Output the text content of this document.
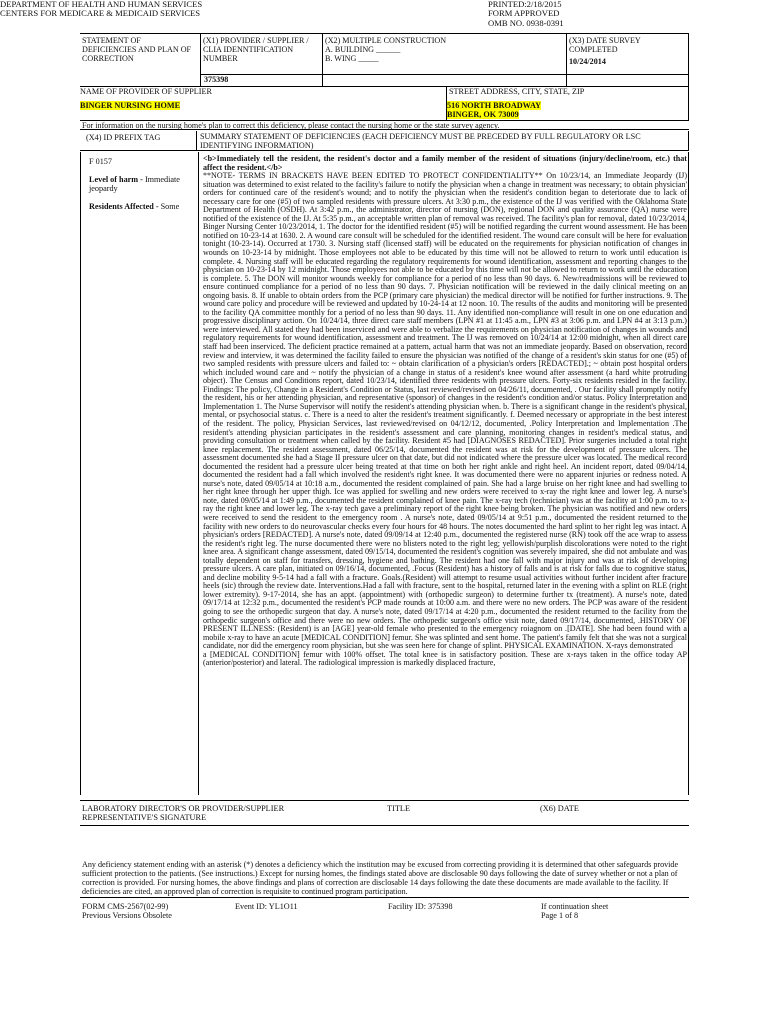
DEPARTMENT OF HEALTH AND HUMAN SERVICES
CENTERS FOR MEDICARE & MEDICAID SERVICES
PRINTED:2/18/2015
FORM APPROVED
OMB NO. 0938-0391
STATEMENT OF DEFICIENCIES AND PLAN OF CORRECTION
(X1) PROVIDER / SUPPLIER / CLIA IDENNTIFICATION NUMBER
375398
(X2) MULTIPLE CONSTRUCTION
A. BUILDING ______
B. WING _____
(X3) DATE SURVEY COMPLETED
10/24/2014
NAME OF PROVIDER OF SUPPLIER
BINGER NURSING HOME
STREET ADDRESS, CITY, STATE, ZIP
516 NORTH BROADWAY
BINGER, OK 73009
For information on the nursing home's plan to correct this deficiency, please contact the nursing home or the state survey agency.
(X4) ID PREFIX TAG	SUMMARY STATEMENT OF DEFICIENCIES (EACH DEFICIENCY MUST BE PRECEDED BY FULL REGULATORY OR LSC IDENTIFYING INFORMATION)
F 0157
Level of harm - Immediate jeopardy
Residents Affected - Some

<b>Immediately tell the resident, the resident's doctor and a family member of the resident of situations (injury/decline/room, etc.) that affect the resident.</b>

**NOTE- TERMS IN BRACKETS HAVE BEEN EDITED TO PROTECT CONFIDENTIALITY** On 10/23/14, an Immediate Jeopardy (IJ) situation was determined to exist related to the facility's failure to notify the physician when a change in treatment was necessary; to obtain physician' orders for continued care of the resident's wound; and to notify the physician when the resident's condition began to deteriorate due to lack of necessary care for one (#5) of two sampled residents with pressure ulcers. At 3:30 p.m., the existence of the IJ was verified with the Oklahoma State Department of Health (OSDH). At 3:42 p.m., the administrator, director of nursing (DON), regional DON and quality assurance (QA) nurse were notified of the existence of the IJ. At 5:35 p.m., an acceptable written plan of removal was received. The facility's plan for removal, dated 10/23/2014, Binger Nursing Center 10/23/2014, 1. The doctor for the identified resident (#5) will be notified regarding the current wound assessment. He has been notified on 10-23-14 at 1630. 2. A wound care consult will be scheduled for the identified resident. The wound care consult will be here for evaluation tonight (10-23-14). Occurred at 1730. 3. Nursing staff (licensed staff) will be educated on the requirements for physician notification of changes in wounds on 10-23-14 by midnight. Those employees not able to be educated by this time will not be allowed to return to work until education is complete. 4. Nursing staff will be educated regarding the regulatory requirements for wound identification, assessment and reporting changes to the physician on 10-23-14 by 12 midnight. Those employees not able to be educated by this time will not be allowed to return to work until the education is complete. 5. The DON will monitor wounds weekly for compliance for a period of no less than 90 days. 6. New/readmissions will be reviewed to ensure continued compliance for a period of no less than 90 days. 7. Physician notification will be reviewed in the daily clinical meeting on an ongoing basis. 8. If unable to obtain orders from the PCP (primary care physician) the medical director will be notified for further instructions. 9. The wound care policy and procedure will be reviewed and updated by 10-24-14 at 12 noon. 10. The results of the audits and monitoring will be presented to the facility QA committee monthly for a period of no less than 90 days. 11. Any identified non-compliance will result in one on one education and progressive disciplinary action. On 10/24/14, three direct care staff members (LPN #1 at 11:45 a.m., LPN #3 at 3:06 p.m. and LPN #4 at 3:13 p.m.) were interviewed. All stated they had been inserviced and were able to verbalize the requirements on physician notification of changes in wounds and regulatory requirements for wound identification, assessment and treatment. The IJ was removed on 10/24/14 at 12:00 midnight, when all direct care staff had been inserviced. The deficient practice remained at a pattern, actual harm that was not an immediate jeopardy. Based on observation, record review and interview, it was determined the facility failed to ensure the physician was notified of the change of a resident's skin status for one (#5) of two sampled residents with pressure ulcers and failed to: ~ obtain clarification of a physician's orders [REDACTED].; ~ obtain post hospital orders which included wound care and ~ notify the physician of a change in status of a resident's knee wound after assessment (a hard white protruding object). The Census and Conditions report, dated 10/23/14, identified three residents with pressure ulcers. Forty-six residents resided in the facility. Findings: The policy, Change in a Resident's Condition or Status, last reviewed/revised on 04/26/11, documented, . Our facility shall promptly notify the resident, his or her attending physician, and representative (sponsor) of changes in the resident's condition and/or status. Policy Interpretation and Implementation 1. The Nurse Supervisor will notify the resident's attending physician when. b. There is a significant change in the resident's physical, mental, or psychosocial status. c. There is a need to alter the resident's treatment significantly. f. Deemed necessary or appropriate in the best interest of the resident. The policy, Physician Services, last reviewed/revised on 04/12/12, documented, .Policy Interpretation and Implementation .The resident's attending physician participates in the resident's assessment and care planning, monitoring changes in resident's medical status, and providing consultation or treatment when called by the facility. Resident #5 had [DIAGNOSES REDACTED]. Prior surgeries included a total right knee replacement. The resident assessment, dated 06/25/14, documented the resident was at risk for the development of pressure ulcers. The assessment documented she had a Stage II pressure ulcer on that date, but did not indicated where the pressure ulcer was located. The medical record documented the resident had a pressure ulcer being treated at that time on both her right ankle and right heel. An incident report, dated 09/04/14, documented the resident had a fall which involved the resident's right knee. It was documented there were no apparent injuries or redness noted. A nurse's note, dated 09/05/14 at 10:18 a.m., documented the resident complained of pain. She had a large bruise on her right knee and had swelling to her right knee through her upper thigh. Ice was applied for swelling and new orders were received to x-ray the right knee and lower leg. A nurse's note, dated 09/05/14 at 1:49 p.m., documented the resident complained of knee pain. The x-ray tech (technician) was at the facility at 1:00 p.m. to x-ray the right knee and lower leg. The x-ray tech gave a preliminary report of the right knee being broken. The physician was notified and new orders were received to send the resident to the emergency room . A nurse's note, dated 09/05/14 at 9:51 p.m., documented the resident returned to the facility with new orders to do neurovascular checks every four hours for 48 hours. The notes documented the hard splint to her right leg was intact. A physician's orders [REDACTED]. A nurse's note, dated 09/09/14 at 12:40 p.m., documented the registered nurse (RN) took off the ace wrap to assess the resident's right leg. The nurse documented there were no blisters noted to the right leg; yellowish/purplish discolorations were noted to the right knee area. A significant change assessment, dated 09/15/14, documented the resident's cognition was severely impaired, she did not ambulate and was totally dependent on staff for transfers, dressing, hygiene and bathing. The resident had one fall with major injury and was at risk of developing pressure ulcers. A care plan, initiated on 09/16/14, documented, .Focus (Resident) has a history of falls and is at risk for falls due to cognitive status, and decline mobility 9-5-14 had a fall with a fracture. Goals.(Resident) will attempt to resume usual activities without further incident after fracture heels (sic) through the review date. Interventions.Had a fall with fracture, sent to the hospital, returned later in the evening with a splint on RLE (right lower extremity). 9-17-2014, she has an appt. (appointment) with (orthopedic surgeon) to determine further tx (treatment). A nurse's note, dated 09/17/14 at 12:32 p.m., documented the resident's PCP made rounds at 10:00 a.m. and there were no new orders. The PCP was aware of the resident going to see the orthopedic surgeon that day. A nurse's note, dated 09/17/14 at 4:20 p.m., documented the resident returned to the facility from the orthopedic surgeon's office and there were no new orders. The orthopedic surgeon's office visit note, dated 09/17/14, documented, .HISTORY OF PRESENT ILLNESS: (Resident) is an [AGE] year-old female who presented to the emergency roiagnom on .[DATE]. She had been found with a mobile x-ray to have an acute [MEDICAL CONDITION] femur. She was splinted and sent home. The patient's family felt that she was not a surgical candidate, nor did the emergency room physician, but she was seen here for change of splint. PHYSICAL EXAMINATION. X-rays demonstrated

a [MEDICAL CONDITION] femur with 100% offset. The total knee is in satisfactory position. These are x-rays taken in the office today AP (anterior/posterior) and lateral. The radiological impression is markedly displaced fracture,

LABORATORY DIRECTOR'S OR PROVIDER/SUPPLIER REPRESENTATIVE'S SIGNATURE
TITLE	(X6) DATE
Any deficiency statement ending with an asterisk (*) denotes a deficiency which the institution may be excused from correcting providing it is determined that other safeguards provide sufficient protection to the patients. (See instructions.) Except for nursing homes, the findings stated above are disclosable 90 days following the date of survey whether or not a plan of correction is provided. For nursing homes, the above findings and plans of correction are disclosable 14 days following the date these documents are made available to the facility. If deficiencies are cited, an approved plan of correction is requisite to continued program participation.
FORM CMS-2567(02-99)
Previous Versions Obsolete
Event ID: YL1O11	Facility ID: 375398	If continuation sheet
Page 1 of 8
